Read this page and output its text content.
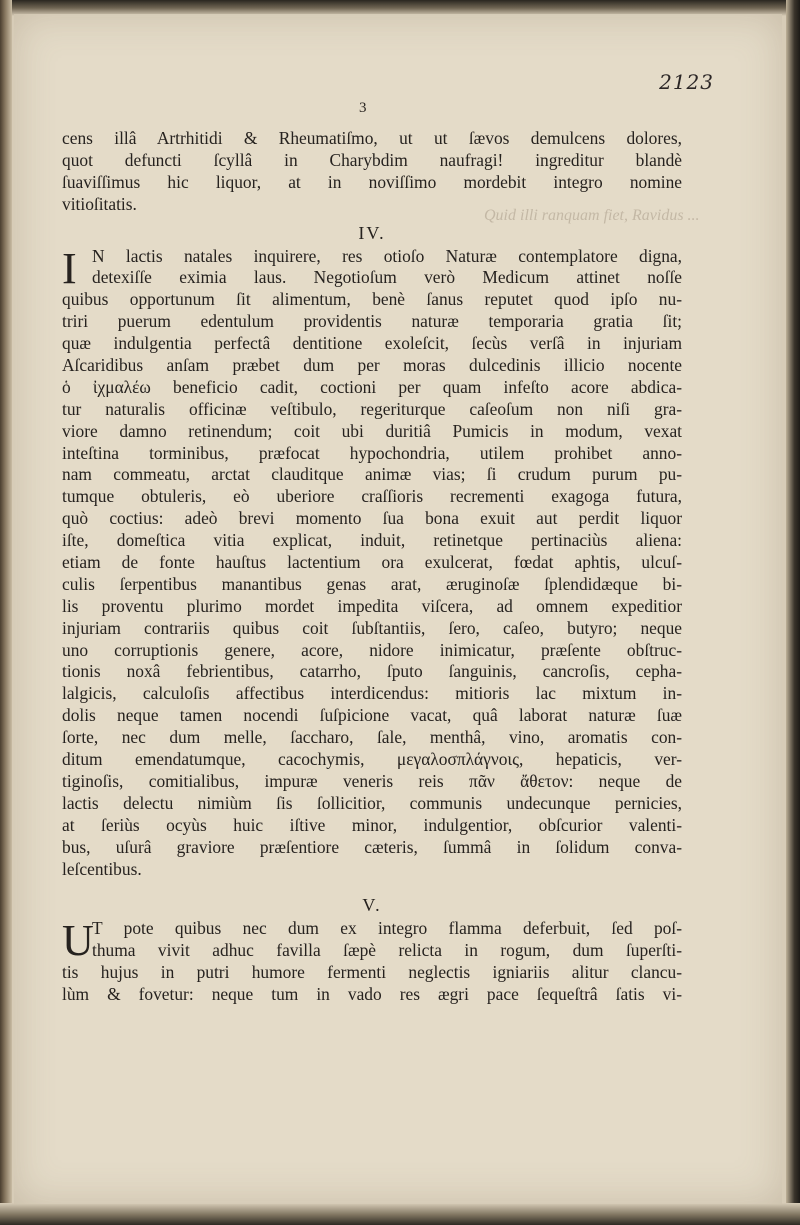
2123
3
Quid illi ranquam fiet, Ravidus ...
cens illâ Artrhitidi & Rheumatiſmo, ut ut ſævos demulcens dolores,
quot defuncti ſcyllâ in Charybdim naufragi! ingreditur blandè
ſuaviſſimus hic liquor, at in noviſſimo mordebit integro nomine
vitioſitatis.
IV.
I N lactis natales inquirere, res otioſo Naturæ contemplatore digna,
detexiſſe eximia laus. Negotioſum verò Medicum attinet noſſe
quibus opportunum ſit alimentum, benè ſanus reputet quod ipſo nu-
triri puerum edentulum providentis naturæ temporaria gratia ſit;
quæ indulgentia perfectâ dentitione exoleſcit, ſecùs verſâ in injuriam
Aſcaridibus anſam præbet dum per moras dulcedinis illicio nocente
ὁ ἰχμαλέω beneficio cadit, coctioni per quam infeſto acore abdica-
tur naturalis officinæ veſtibulo, regeriturque caſeoſum non niſi gra-
viore damno retinendum; coit ubi duritiâ Pumicis in modum, vexat
inteſtina torminibus, præfocat hypochondria, utilem prohibet anno-
nam commeatu, arctat clauditque animæ vias; ſi crudum purum pu-
tumque obtuleris, eò uberiore craſſioris recrementi exagoga futura,
quò coctius: adeò brevi momento ſua bona exuit aut perdit liquor
iſte, domeſtica vitia explicat, induit, retinetque pertinaciùs aliena:
etiam de fonte hauſtus lactentium ora exulcerat, fœdat aphtis, ulcuſ-
culis ſerpentibus manantibus genas arat, æruginoſæ ſplendidæque bi-
lis proventu plurimo mordet impedita viſcera, ad omnem expeditior
injuriam contrariis quibus coit ſubſtantiis, ſero, caſeo, butyro; neque
uno corruptionis genere, acore, nidore inimicatur, præſente obſtruc-
tionis noxâ febrientibus, catarrho, ſputo ſanguinis, cancroſis, cepha-
lalgicis, calculoſis affectibus interdicendus: mitioris lac mixtum in-
dolis neque tamen nocendi ſuſpicione vacat, quâ laborat naturæ ſuæ
ſorte, nec dum melle, ſaccharo, ſale, menthâ, vino, aromatis con-
ditum emendatumque, cacochymis, μεγαλοσπλάγνοις, hepaticis, ver-
tiginoſis, comitialibus, impuræ veneris reis πᾶν ἄθετον: neque de
lactis delectu nimiùm ſis ſollicitior, communis undecunque pernicies,
at ſeriùs ocyùs huic iſtive minor, indulgentior, obſcurior valenti-
bus, uſurâ graviore præſentiore cæteris, ſummâ in ſolidum conva-
leſcentibus.
V.
U
T pote quibus nec dum ex integro flamma deferbuit, ſed poſ-
thuma vivit adhuc favilla ſæpè relicta in rogum, dum ſuperſti-
tis hujus in putri humore fermenti neglectis igniariis alitur clancu-
lùm & fovetur: neque tum in vado res ægri pace ſequeſtrâ ſatis vi-
